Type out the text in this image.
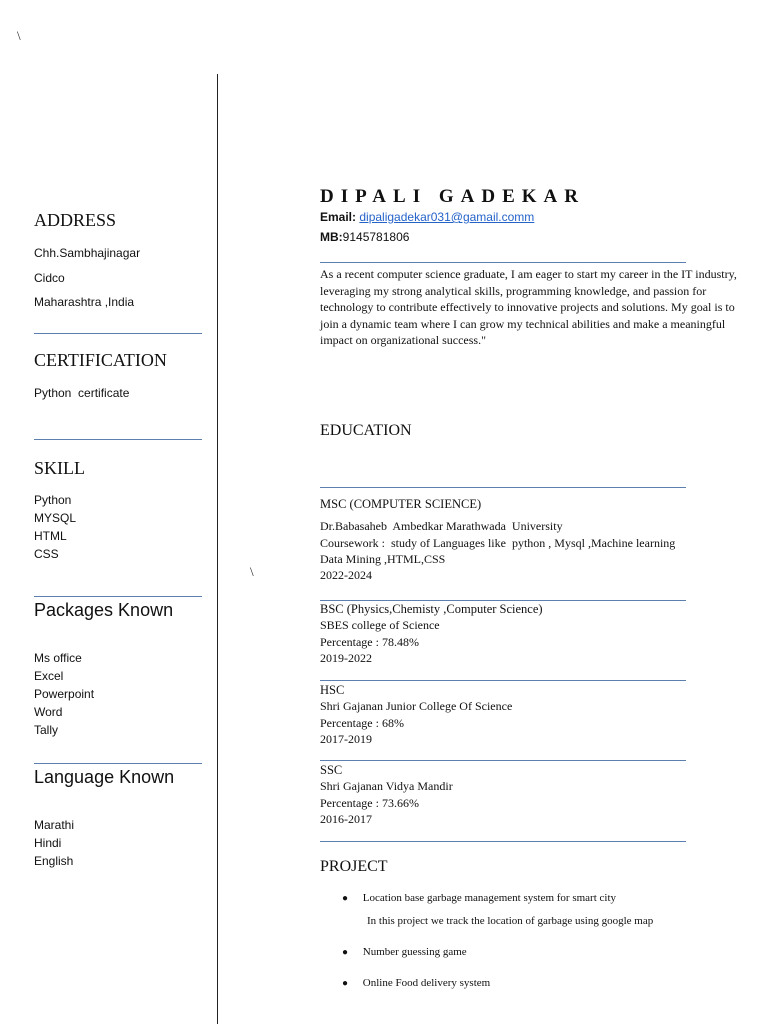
\
\
ADDRESS
Chh.Sambhajinagar
Cidco
Maharashtra ,India
CERTIFICATION
Python  certificate
SKILL
Python
MYSQL
HTML
CSS
Packages Known
Ms office
Excel
Powerpoint
Word
Tally
Language Known
Marathi
Hindi
English
DIPALI GADEKAR
Email: dipaligadekar031@gamail.comm
MB:9145781806
As a recent computer science graduate, I am eager to start my career in the IT industry, leveraging my strong analytical skills, programming knowledge, and passion for technology to contribute effectively to innovative projects and solutions. My goal is to join a dynamic team where I can grow my technical abilities and make a meaningful impact on organizational success."
EDUCATION
MSC (COMPUTER SCIENCE)
Dr.Babasaheb  Ambedkar Marathwada  University
Coursework :  study of Languages like  python , Mysql ,Machine learning
Data Mining ,HTML,CSS
2022-2024
BSC (Physics,Chemisty ,Computer Science)
SBES college of Science
Percentage : 78.48%
2019-2022
HSC
Shri Gajanan Junior College Of Science
Percentage : 68%
2017-2019
SSC
Shri Gajanan Vidya Mandir
Percentage : 73.66%
2016-2017
PROJECT
● Location base garbage management system for smart city
In this project we track the location of garbage using google map
● Number guessing game
● Online Food delivery system
